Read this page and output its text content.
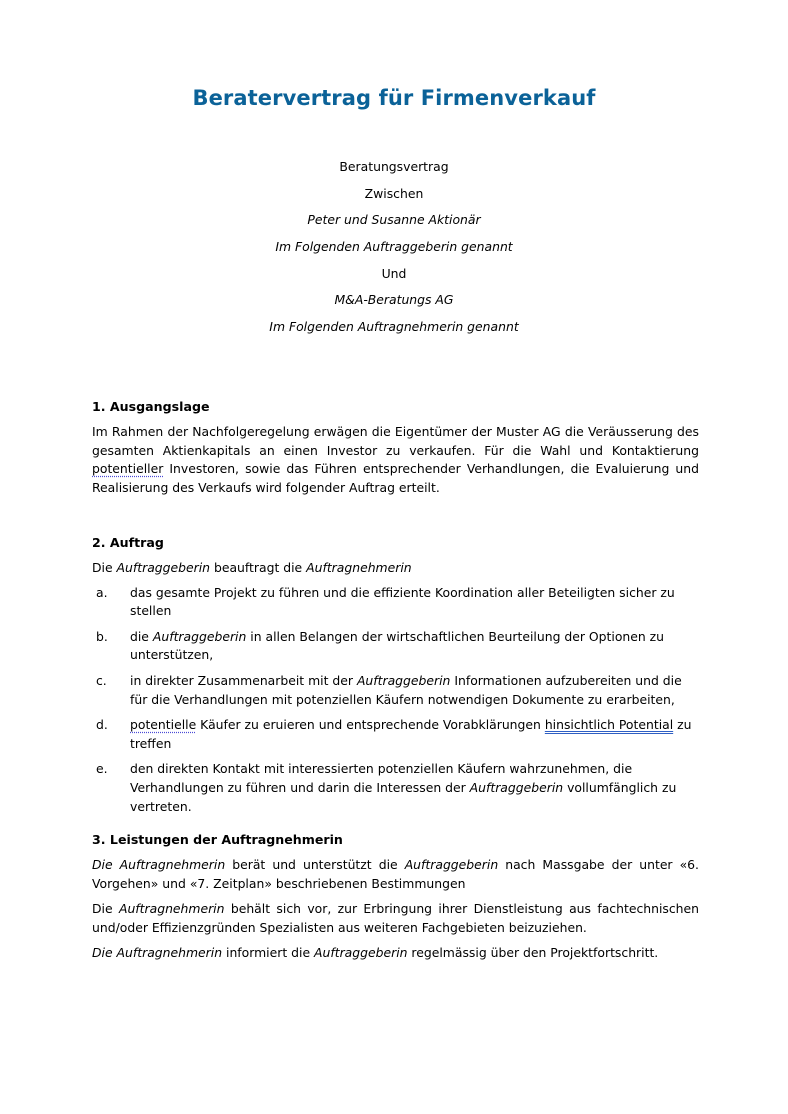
Beratervertrag für Firmenverkauf
Beratungsvertrag
Zwischen
Peter und Susanne Aktionär
Im Folgenden Auftraggeberin genannt
Und
M&A-Beratungs AG
Im Folgenden Auftragnehmerin genannt
1. Ausgangslage

Im Rahmen der Nachfolgeregelung erwägen die Eigentümer der Muster AG die Veräusserung des gesamten Aktienkapitals an einen Investor zu verkaufen. Für die Wahl und Kontaktierung potentieller Investoren, sowie das Führen entsprechender Verhandlungen, die Evaluierung und Realisierung des Verkaufs wird folgender Auftrag erteilt.

2. Auftrag

Die Auftraggeberin beauftragt die Auftragnehmerin

a. das gesamte Projekt zu führen und die effiziente Koordination aller Beteiligten sicher zu stellen
b. die Auftraggeberin in allen Belangen der wirtschaftlichen Beurteilung der Optionen zu unterstützen,
c. in direkter Zusammenarbeit mit der Auftraggeberin Informationen aufzubereiten und die für die Verhandlungen mit potenziellen Käufern notwendigen Dokumente zu erarbeiten,
d. potentielle Käufer zu eruieren und entsprechende Vorabklärungen hinsichtlich Potential zu treffen
e. den direkten Kontakt mit interessierten potenziellen Käufern wahrzunehmen, die Verhandlungen zu führen und darin die Interessen der Auftraggeberin vollumfänglich zu vertreten.
3. Leistungen der Auftragnehmerin

Die Auftragnehmerin berät und unterstützt die Auftraggeberin nach Massgabe der unter «6. Vorgehen» und «7. Zeitplan» beschriebenen Bestimmungen

Die Auftragnehmerin behält sich vor, zur Erbringung ihrer Dienstleistung aus fachtechnischen und/oder Effizienzgründen Spezialisten aus weiteren Fachgebieten beizuziehen.

Die Auftragnehmerin informiert die Auftraggeberin regelmässig über den Projektfortschritt.
